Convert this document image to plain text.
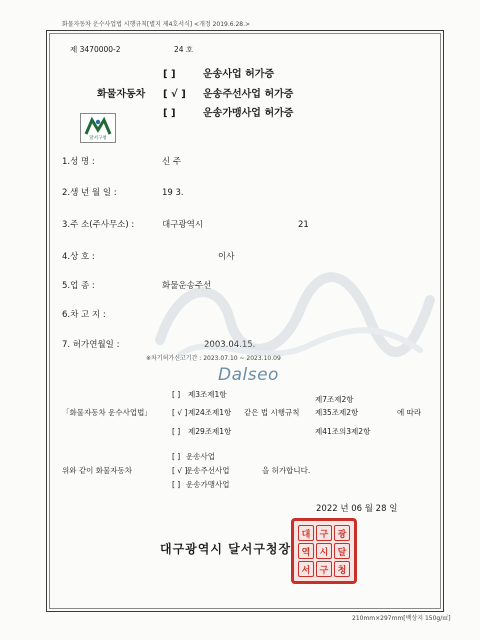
화물자동차 운수사업법 시행규칙[별지 제4호서식] <개정 2019.6.28.>
제 3470000-2	24 호
화물자동차
[ ]	운송사업 허가증
[ √ ] 운송주선사업 허가증
[ ]	운송가맹사업 허가증
달서구청
1.성 명 :	신 주
2.생 년 월 일 :	19 3.
3.주 소(주사무소) :	대구광역시	21
4.상 호 :	이사
5.업 종 :	화물운송주선
6.차 고 지 :
7. 허가연월일 :	2003.04.15.
※차기허가신고기간 : 2023.07.10 ~ 2023.10.09
Dalseo
「화물자동차 운수사업법」
[ ] 제3조제1항
제7조제2항
[ √ ] 제24조제1항 같은 법 시행규칙 제35조제2항	에 따라
[ ] 제29조제1항	제41조의3제2항
위와 같이 화물자동차
[ ] 운송사업
[ √ ]
운송주선사업
[ ] 운송가맹사업
을 허가합니다.
2022 년 06 월 28 일
대구광역시 달서구청장
대	구	광
역	시	달
서	구	청
210mm×297mm[백상지 150g/㎡]
